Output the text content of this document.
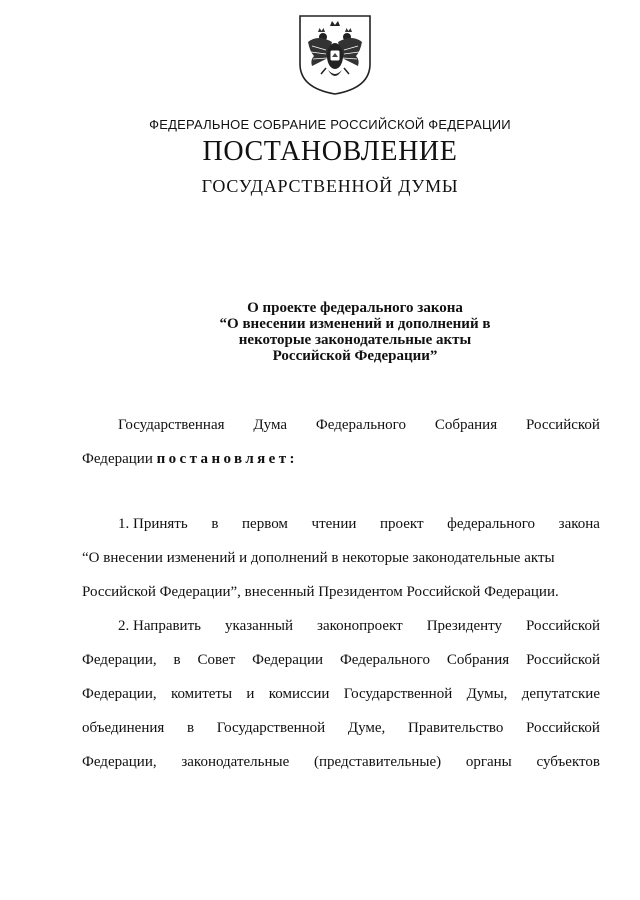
ФЕДЕРАЛЬНОЕ СОБРАНИЕ РОССИЙСКОЙ ФЕДЕРАЦИИ
ПОСТАНОВЛЕНИЕ
ГОСУДАРСТВЕННОЙ ДУМЫ
О проекте федерального закона
“О внесении изменений и дополнений в
некоторые законодательные акты
Российской Федерации”
Государственная Дума Федерального Собрания Российской
Федерации постановляет:
1. Принять в первом чтении проект федерального закона
“О внесении изменений и дополнений в некоторые законодательные акты
Российской Федерации”, внесенный Президентом Российской Федерации.
2. Направить указанный законопроект Президенту Российской
Федерации, в Совет Федерации Федерального Собрания Российской
Федерации, комитеты и комиссии Государственной Думы, депутатские
объединения в Государственной Думе, Правительство Российской
Федерации, законодательные (представительные) органы субъектов
